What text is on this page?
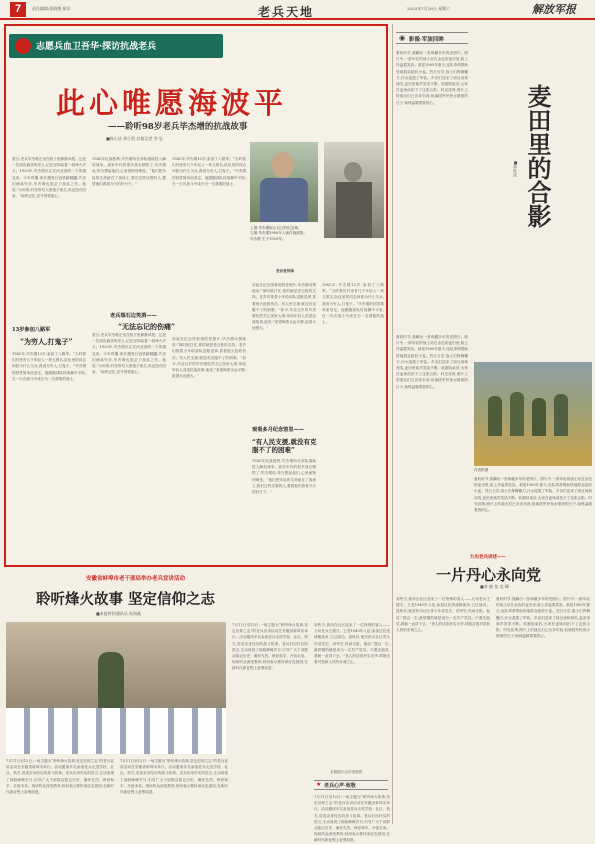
7	责任编辑/张晓艳 耿军	老兵天地	2025年7月26日 星期六	解放军报
志愿兵血卫吾华·探访抗战老兵
此心唯愿海波平
——聆听98岁老兵毕杰增的抗战故事
■杨小达 胡小凯 苏俊记者 李 忠
上图:毕杰增展示自己的纪念章。
左图:毕杰增1950年入朝作战留影。
毕杰增 生于1929年。
受访者供图
夏日,老兵毕杰增正坐在院子里静静读报。这是一位面容慈祥的老人,记忆里却装着一段烽火岁月。1929年,毕杰增出生在河北省的一个普通农家。少年时期,家乡遭受日寇铁蹄蹂躏,乡亲们流离失所,毕杰增也饱尝了战乱之苦。他说:“小时候,村里常有人被鬼子抓走,再也没有回来。”那些记忆,至今刻骨铭心。
13岁参加八路军
“为穷人,打鬼子”
1942年,毕杰增13岁,参加了八路军。“当时我们村里有几个年轻人一块儿报名,队伍里的同志问我为什么当兵,我说为穷人,打鬼子。”毕杰增的回答简单而坚定。他跟随部队转战冀中平原,在一次次战斗中成长为一名勇敢的战士。
1945年抗战胜利,毕杰增所在部队继续投入解放战争。战争年代的很多战友牺牲了,毕杰增说,每当想起他们,心里就特别难受。“他们把年轻的生命留在了战场上,我们这些活着的人,要替他们看看今天的好日子。”
夏日,老兵毕杰增正坐在院子里静静读报。这是一位面容慈祥的老人,记忆里却装着一段烽火岁月。1929年,毕杰增出生在河北省的一个普通农家。少年时期,家乡遭受日寇铁蹄蹂躏,乡亲们流离失所,毕杰增也饱尝了战乱之苦。他说:“小时候,村里常有人被鬼子抓走,再也没有回来。”那些记忆,至今刻骨铭心。
1942年,毕杰增13岁,参加了八路军。“当时我们村里有几个年轻人一块儿报名,队伍里的同志问我为什么当兵,我说为穷人,打鬼子。”毕杰增的回答简单而坚定。他跟随部队转战冀中平原,在一次次战斗中成长为一名勇敢的战士。
老兵瑞石边笑酒——
“无法忘记的伤痛”
谈起在纪念馆看到的老照片,毕杰增动情地说:“那时候打仗,靠的就是老百姓的支持。老乡们推着小车给部队送粮送弹,冒着炮火抢救伤员。有人民支援,就没有克服不了的困难。”如今,年近百岁的毕杰增依然关心国家大事,常给年轻人讲述抗战故事,他说:“希望海波永远平静,祖国永远强大。”
谈起在纪念馆看到的老照片,毕杰增动情地说:“那时候打仗,靠的就是老百姓的支持。老乡们推着小车给部队送粮送弹,冒着炮火抢救伤员。有人民支援,就没有克服不了的困难。”如今,年近百岁的毕杰增依然关心国家大事,常给年轻人讲述抗战故事,他说:“希望海波永远平静,祖国永远强大。”
观看多月纪念馆里——
“有人民支援,就没有克服不了的困难”
1945年抗战胜利,毕杰增所在部队继续投入解放战争。战争年代的很多战友牺牲了,毕杰增说,每当想起他们,心里就特别难受。“他们把年轻的生命留在了战场上,我们这些活着的人,要替他们看看今天的好日子。”
1942年,毕杰增13岁,参加了八路军。“当时我们村里有几个年轻人一块儿报名,队伍里的同志问我为什么当兵,我说为穷人,打鬼子。”毕杰增的回答简单而坚定。他跟随部队转战冀中平原,在一次次战斗中成长为一名勇敢的战士。
◉ 影像·军旅回眸
夏收时节,我翻出一张珍藏多年的老照片。照片中,一群年轻的战士站在金色的麦田里,脸上洋溢着笑容。那是1985年夏天,连队奉命帮助驻地群众抢收小麦。烈日当空,战士们挥舞镰刀,汗水湿透了军装。乡亲们送来了绿豆汤和西瓜,麦田里欢声笑语不断。收割结束后,大家在麦垛前拍下了这张合影。时光荏苒,照片上的战友们已各奔东西,但那段军民鱼水情深的日子,始终温暖着我的心。
夏收时节,我翻出一张珍藏多年的老照片。照片中,一群年轻的战士站在金色的麦田里,脸上洋溢着笑容。那是1985年夏天,连队奉命帮助驻地群众抢收小麦。烈日当空,战士们挥舞镰刀,汗水湿透了军装。乡亲们送来了绿豆汤和西瓜,麦田里欢声笑语不断。收割结束后,大家在麦垛前拍下了这张合影。时光荏苒,照片上的战友们已各奔东西,但那段军民鱼水情深的日子,始终温暖着我的心。
麦田里的合影
■李世成
作者供图
夏收时节,我翻出一张珍藏多年的老照片。照片中,一群年轻的战士站在金色的麦田里,脸上洋溢着笑容。那是1985年夏天,连队奉命帮助驻地群众抢收小麦。烈日当空,战士们挥舞镰刀,汗水湿透了军装。乡亲们送来了绿豆汤和西瓜,麦田里欢声笑语不断。收割结束后,大家在麦垛前拍下了这张合影。时光荏苒,照片上的战友们已各奔东西,但那段军民鱼水情深的日子,始终温暖着我的心。
九旬老兵讲述——
一片丹心永向党
■李 晓 张 克 峰
前些天,我所在社区迎来了一位特殊的客人——九旬老兵王德才。王老1949年入伍,参加过抗美援朝战争,立过战功。退休后,他坚持为社区青少年讲党史、讲军史,风雨无阻。他说:“我这一生,最骄傲的就是成为一名共产党员。只要还能讲,我就一直讲下去。”老人的话语朴实无华,却饱含着对党和人民的赤诚之心。
夏收时节,我翻出一张珍藏多年的老照片。照片中,一群年轻的战士站在金色的麦田里,脸上洋溢着笑容。那是1985年夏天,连队奉命帮助驻地群众抢收小麦。烈日当空,战士们挥舞镰刀,汗水湿透了军装。乡亲们送来了绿豆汤和西瓜,麦田里欢声笑语不断。收割结束后,大家在麦垛前拍下了这张合影。时光荏苒,照片上的战友们已各奔东西,但那段军民鱼水情深的日子,始终温暖着我的心。
安徽省蚌埠市老干部局举办老兵宣讲活动
聆听烽火故事 坚定信仰之志
■本报特约通讯员 孙海燕
7月11日至12日,一场主题为“聆听烽火故事,坚定信仰之志”的老兵宣讲活动在安徽省蚌埠市举行。活动邀请多名参战老兵走进学校、社区、机关,讲述亲身经历的战斗故事。老兵们用朴实的语言,生动再现了那段峥嵘岁月,引导广大干部群众铭记历史、缅怀先烈、珍爱和平、开创未来。现场听众深受教育,纷纷表示要传承红色基因,在新时代新征程上奋勇前进。
7月11日至12日,一场主题为“聆听烽火故事,坚定信仰之志”的老兵宣讲活动在安徽省蚌埠市举行。活动邀请多名参战老兵走进学校、社区、机关,讲述亲身经历的战斗故事。老兵们用朴实的语言,生动再现了那段峥嵘岁月,引导广大干部群众铭记历史、缅怀先烈、珍爱和平、开创未来。现场听众深受教育,纷纷表示要传承红色基因,在新时代新征程上奋勇前进。
7月11日至12日,一场主题为“聆听烽火故事,坚定信仰之志”的老兵宣讲活动在安徽省蚌埠市举行。活动邀请多名参战老兵走进学校、社区、机关,讲述亲身经历的战斗故事。老兵们用朴实的语言,生动再现了那段峥嵘岁月,引导广大干部群众铭记历史、缅怀先烈、珍爱和平、开创未来。现场听众深受教育,纷纷表示要传承红色基因,在新时代新征程上奋勇前进。
前些天,我所在社区迎来了一位特殊的客人——九旬老兵王德才。王老1949年入伍,参加过抗美援朝战争,立过战功。退休后,他坚持为社区青少年讲党史、讲军史,风雨无阻。他说:“我这一生,最骄傲的就是成为一名共产党员。只要还能讲,我就一直讲下去。”老人的话语朴实无华,却饱含着对党和人民的赤诚之心。
★ 老兵心声·致敬
7月11日至12日,一场主题为“聆听烽火故事,坚定信仰之志”的老兵宣讲活动在安徽省蚌埠市举行。活动邀请多名参战老兵走进学校、社区、机关,讲述亲身经历的战斗故事。老兵们用朴实的语言,生动再现了那段峥嵘岁月,引导广大干部群众铭记历史、缅怀先烈、珍爱和平、开创未来。现场听众深受教育,纷纷表示要传承红色基因,在新时代新征程上奋勇前进。
本版图片由作者提供
